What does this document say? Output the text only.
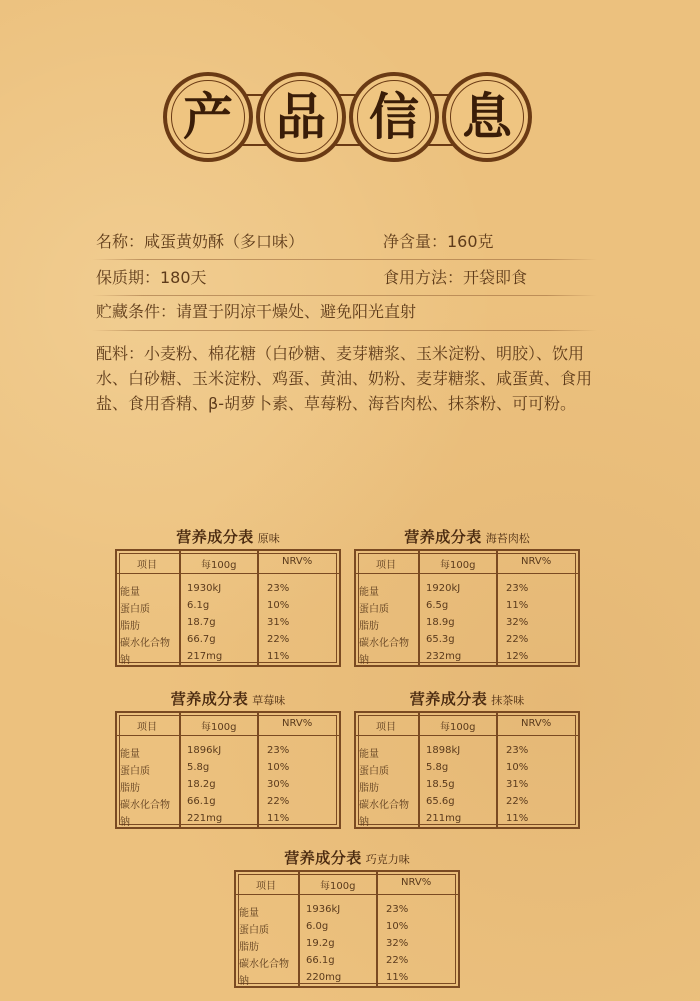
产 品 信 息
名称：咸蛋黄奶酥（多口味）	净含量：160克
保质期：180天	食用方法：开袋即食
贮藏条件：请置于阴凉干燥处、避免阳光直射
配料：小麦粉、棉花糖（白砂糖、麦芽糖浆、玉米淀粉、明胶）、饮用水、白砂糖、玉米淀粉、鸡蛋、黄油、奶粉、麦芽糖浆、咸蛋黄、食用盐、食用香精、β-胡萝卜素、草莓粉、海苔肉松、抹茶粉、可可粉。
营养成分表 原味
项目	每100g	NRV%
能量	1930kJ	23%
蛋白质	6.1g	10%
脂肪	18.7g	31%
碳水化合物 66.7g	22%
钠	217mg	11%
营养成分表 海苔肉松
项目	每100g	NRV%
能量	1920kJ	23%
蛋白质	6.5g	11%
脂肪	18.9g	32%
碳水化合物 65.3g	22%
钠	232mg	12%
营养成分表 草莓味
项目	每100g	NRV%
能量	1896kJ	23%
蛋白质	5.8g	10%
脂肪	18.2g	30%
碳水化合物 66.1g	22%
钠	221mg	11%
营养成分表 抹茶味
项目	每100g	NRV%
能量	1898kJ	23%
蛋白质	5.8g	10%
脂肪	18.5g	31%
碳水化合物 65.6g	22%
钠	211mg	11%
营养成分表 巧克力味
项目	每100g	NRV%
能量	1936kJ	23%
蛋白质	6.0g	10%
脂肪	19.2g	32%
碳水化合物 66.1g	22%
钠	220mg	11%
